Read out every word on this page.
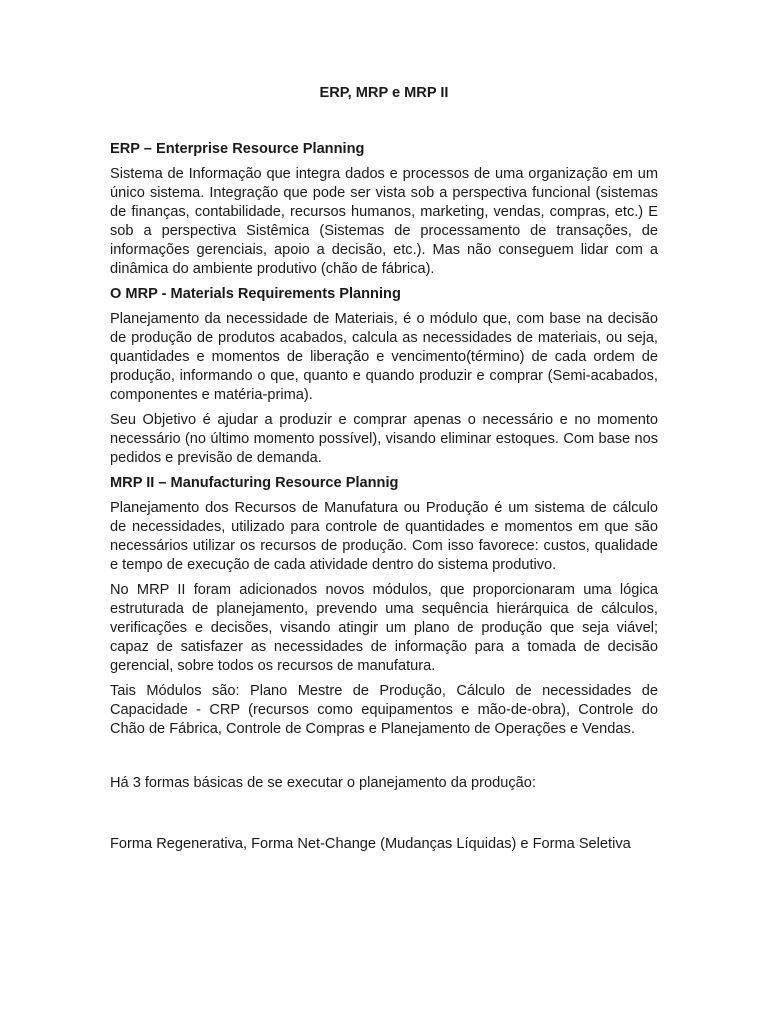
ERP, MRP e MRP II
ERP – Enterprise Resource Planning
Sistema de Informação que integra dados e processos de uma organização em um único sistema. Integração que pode ser vista sob a perspectiva funcional (sistemas de finanças, contabilidade, recursos humanos, marketing, vendas, compras, etc.) E sob a perspectiva Sistêmica (Sistemas de processamento de transações, de informações gerenciais, apoio a decisão, etc.). Mas não conseguem lidar com a dinâmica do ambiente produtivo (chão de fábrica).
O MRP - Materials Requirements Planning
Planejamento da necessidade de Materiais, é o módulo que, com base na decisão de produção de produtos acabados, calcula as necessidades de materiais, ou seja, quantidades e momentos de liberação e vencimento(término) de cada ordem de produção, informando o que, quanto e quando produzir e comprar (Semi-acabados, componentes e matéria-prima).
Seu Objetivo é ajudar a produzir e comprar apenas o necessário e no momento necessário (no último momento possível), visando eliminar estoques. Com base nos pedidos e previsão de demanda.
MRP II – Manufacturing Resource Plannig
Planejamento dos Recursos de Manufatura ou Produção é um sistema de cálculo de necessidades, utilizado para controle de quantidades e momentos em que são necessários utilizar os recursos de produção. Com isso favorece: custos, qualidade e tempo de execução de cada atividade dentro do sistema produtivo.
No MRP II foram adicionados novos módulos, que proporcionaram uma lógica estruturada de planejamento, prevendo uma sequência hierárquica de cálculos, verificações e decisões, visando atingir um plano de produção que seja viável; capaz de satisfazer as necessidades de informação para a tomada de decisão gerencial, sobre todos os recursos de manufatura.
Tais Módulos são: Plano Mestre de Produção, Cálculo de necessidades de Capacidade - CRP (recursos como equipamentos e mão-de-obra), Controle do Chão de Fábrica, Controle de Compras e Planejamento de Operações e Vendas.
Há 3 formas básicas de se executar o planejamento da produção:
Forma Regenerativa, Forma Net-Change (Mudanças Líquidas) e Forma Seletiva
